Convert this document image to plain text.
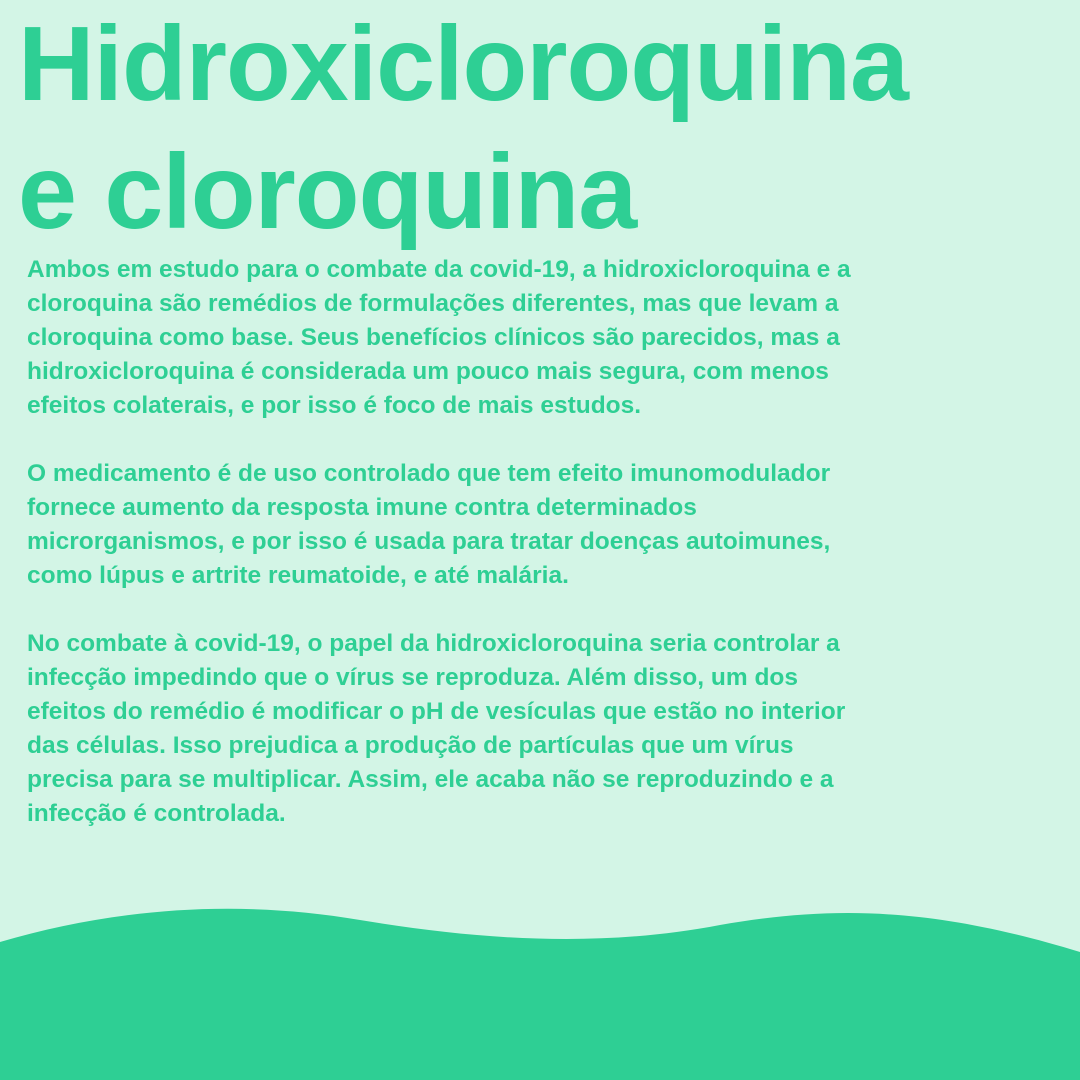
Hidroxicloroquina
e cloroquina

Ambos em estudo para o combate da covid-19, a hidroxicloroquina e a
cloroquina são remédios de formulações diferentes, mas que levam a
cloroquina como base. Seus benefícios clínicos são parecidos, mas a
hidroxicloroquina é considerada um pouco mais segura, com menos
efeitos colaterais, e por isso é foco de mais estudos.

O medicamento é de uso controlado que tem efeito imunomodulador
fornece aumento da resposta imune contra determinados
microrganismos, e por isso é usada para tratar doenças autoimunes,
como lúpus e artrite reumatoide, e até malária.

No combate à covid-19, o papel da hidroxicloroquina seria controlar a
infecção impedindo que o vírus se reproduza. Além disso, um dos
efeitos do remédio é modificar o pH de vesículas que estão no interior
das células. Isso prejudica a produção de partículas que um vírus
precisa para se multiplicar. Assim, ele acaba não se reproduzindo e a
infecção é controlada.
